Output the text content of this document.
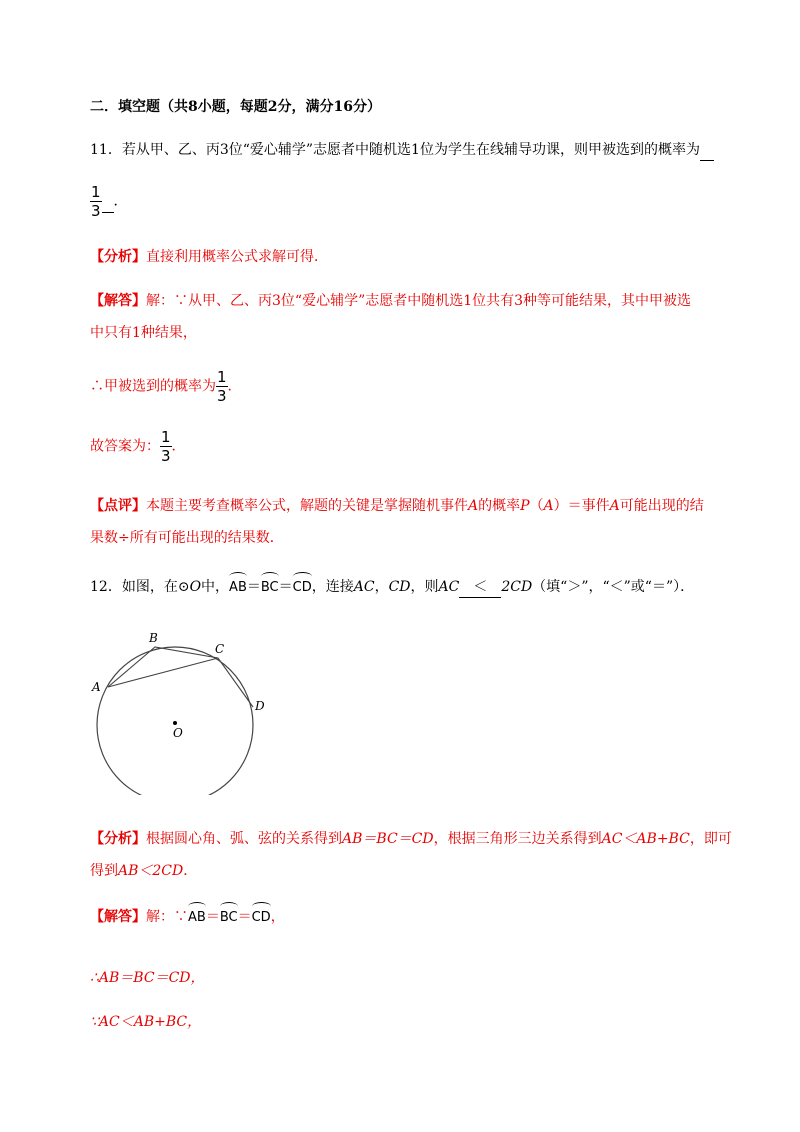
二．填空题（共8小题，每题2分，满分16分）
11．若从甲、乙、丙3位“爱心辅学”志愿者中随机选1位为学生在线辅导功课，则甲被选到的概率为
$\frac{1}{3}$ ．
【分析】直接利用概率公式求解可得．
【解答】解：∵从甲、乙、丙3位“爱心辅学”志愿者中随机选1位共有3种等可能结果，其中甲被选
中只有1种结果，
∴甲被选到的概率为 $\frac{1}{3}$ ．
故答案为： $\frac{1}{3}$ ．
【点评】本题主要考查概率公式，解题的关键是掌握随机事件A的概率P（A）＝事件A可能出现的结
果数÷所有可能出现的结果数．
12．如图，在⊙O中，AB＝BC＝CD，连接AC，CD，则AC ＜ 2CD（填“＞”，“＜”或“＝”）．
A
B
C
D
O
【分析】根据圆心角、弧、弦的关系得到AB＝BC＝CD，根据三角形三边关系得到AC＜AB+BC，即可
得到AB＜2CD．
【解答】解：∵AB＝BC＝CD，
∴AB＝BC＝CD，
∵AC＜AB+BC，
